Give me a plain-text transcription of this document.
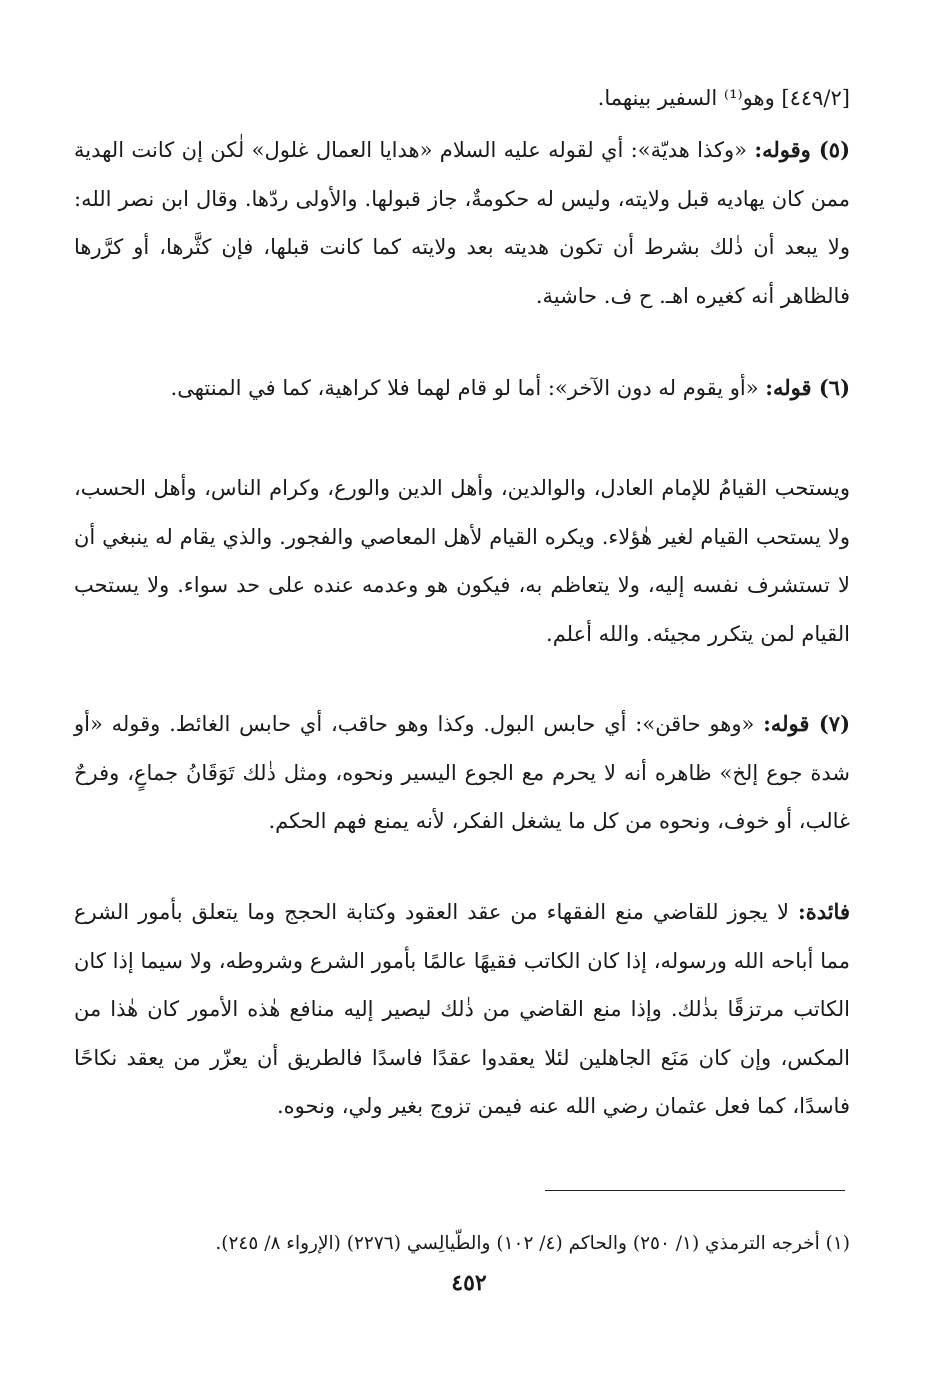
[٤٤٩/٢] وهو⁽¹⁾ السفير بينهما.

(٥) وقوله: «وكذا هديّة»: أي لقوله عليه السلام «هدايا العمال غلول» لٰكن إن كانت الهدية ممن كان يهاديه قبل ولايته، وليس له حكومةٌ، جاز قبولها. والأولى ردّها. وقال ابن نصر الله: ولا يبعد أن ذٰلك بشرط أن تكون هديته بعد ولايته كما كانت قبلها، فإن كثَّرها، أو كرَّرها فالظاهر أنه كغيره اهـ. ح ف. حاشية.

(٦) قوله: «أو يقوم له دون الآخر»: أما لو قام لهما فلا كراهية، كما في المنتهى.

ويستحب القيامُ للإمام العادل، والوالدين، وأهل الدين والورع، وكرام الناس، وأهل الحسب، ولا يستحب القيام لغير هٰؤلاء. ويكره القيام لأهل المعاصي والفجور. والذي يقام له ينبغي أن لا تستشرف نفسه إليه، ولا يتعاظم به، فيكون هو وعدمه عنده على حد سواء. ولا يستحب القيام لمن يتكرر مجيئه. والله أعلم.

(٧) قوله: «وهو حاقن»: أي حابس البول. وكذا وهو حاقب، أي حابس الغائط. وقوله «أو شدة جوع إلخ» ظاهره أنه لا يحرم مع الجوع اليسير ونحوه، ومثل ذٰلك تَوَقَانُ جماعٍ، وفرحٌ غالب، أو خوف، ونحوه من كل ما يشغل الفكر، لأنه يمنع فهم الحكم.

فائدة: لا يجوز للقاضي منع الفقهاء من عقد العقود وكتابة الحجج وما يتعلق بأمور الشرع مما أباحه الله ورسوله، إذا كان الكاتب فقيهًا عالمًا بأمور الشرع وشروطه، ولا سيما إذا كان الكاتب مرتزقًا بذٰلك. وإذا منع القاضي من ذٰلك ليصير إليه منافع هٰذه الأمور كان هٰذا من المكس، وإن كان مَنَع الجاهلين لئلا يعقدوا عقدًا فاسدًا فالطريق أن يعزّر من يعقد نكاحًا فاسدًا، كما فعل عثمان رضي الله عنه فيمن تزوج بغير ولي، ونحوه.

(١) أخرجه الترمذي (١/ ٢٥٠) والحاكم (٤/ ١٠٢) والطّيالِسي (٢٢٧٦) (الإرواء ٨/ ٢٤٥).

٤٥٢
